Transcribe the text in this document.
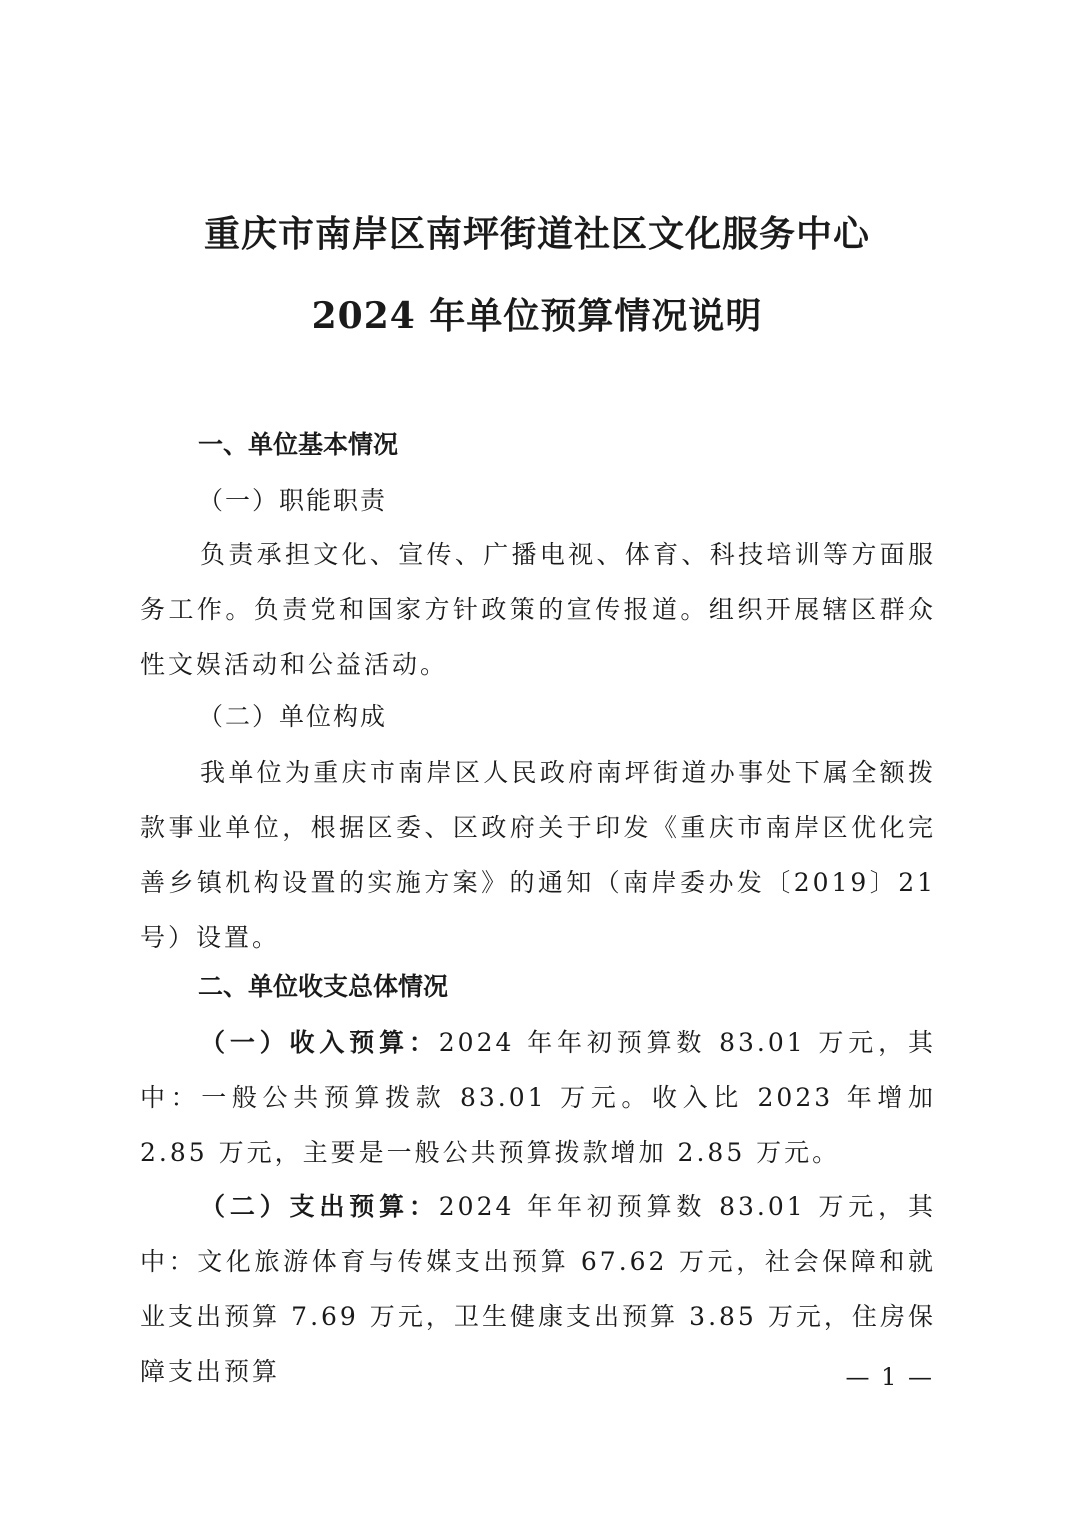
重庆市南岸区南坪街道社区文化服务中心
2024 年单位预算情况说明
一、单位基本情况
（一）职能职责
负责承担文化、宣传、广播电视、体育、科技培训等方面服务工作。负责党和国家方针政策的宣传报道。组织开展辖区群众性文娱活动和公益活动。
（二）单位构成
我单位为重庆市南岸区人民政府南坪街道办事处下属全额拨款事业单位，根据区委、区政府关于印发《重庆市南岸区优化完善乡镇机构设置的实施方案》的通知（南岸委办发〔2019〕21号）设置。
二、单位收支总体情况
（一）收入预算：2024 年年初预算数 83.01 万元，其中：一般公共预算拨款 83.01 万元。收入比 2023 年增加 2.85 万元，主要是一般公共预算拨款增加 2.85 万元。
（二）支出预算：2024 年年初预算数 83.01 万元，其中：文化旅游体育与传媒支出预算 67.62 万元，社会保障和就业支出预算 7.69 万元，卫生健康支出预算 3.85 万元，住房保障支出预算	— 1 —
